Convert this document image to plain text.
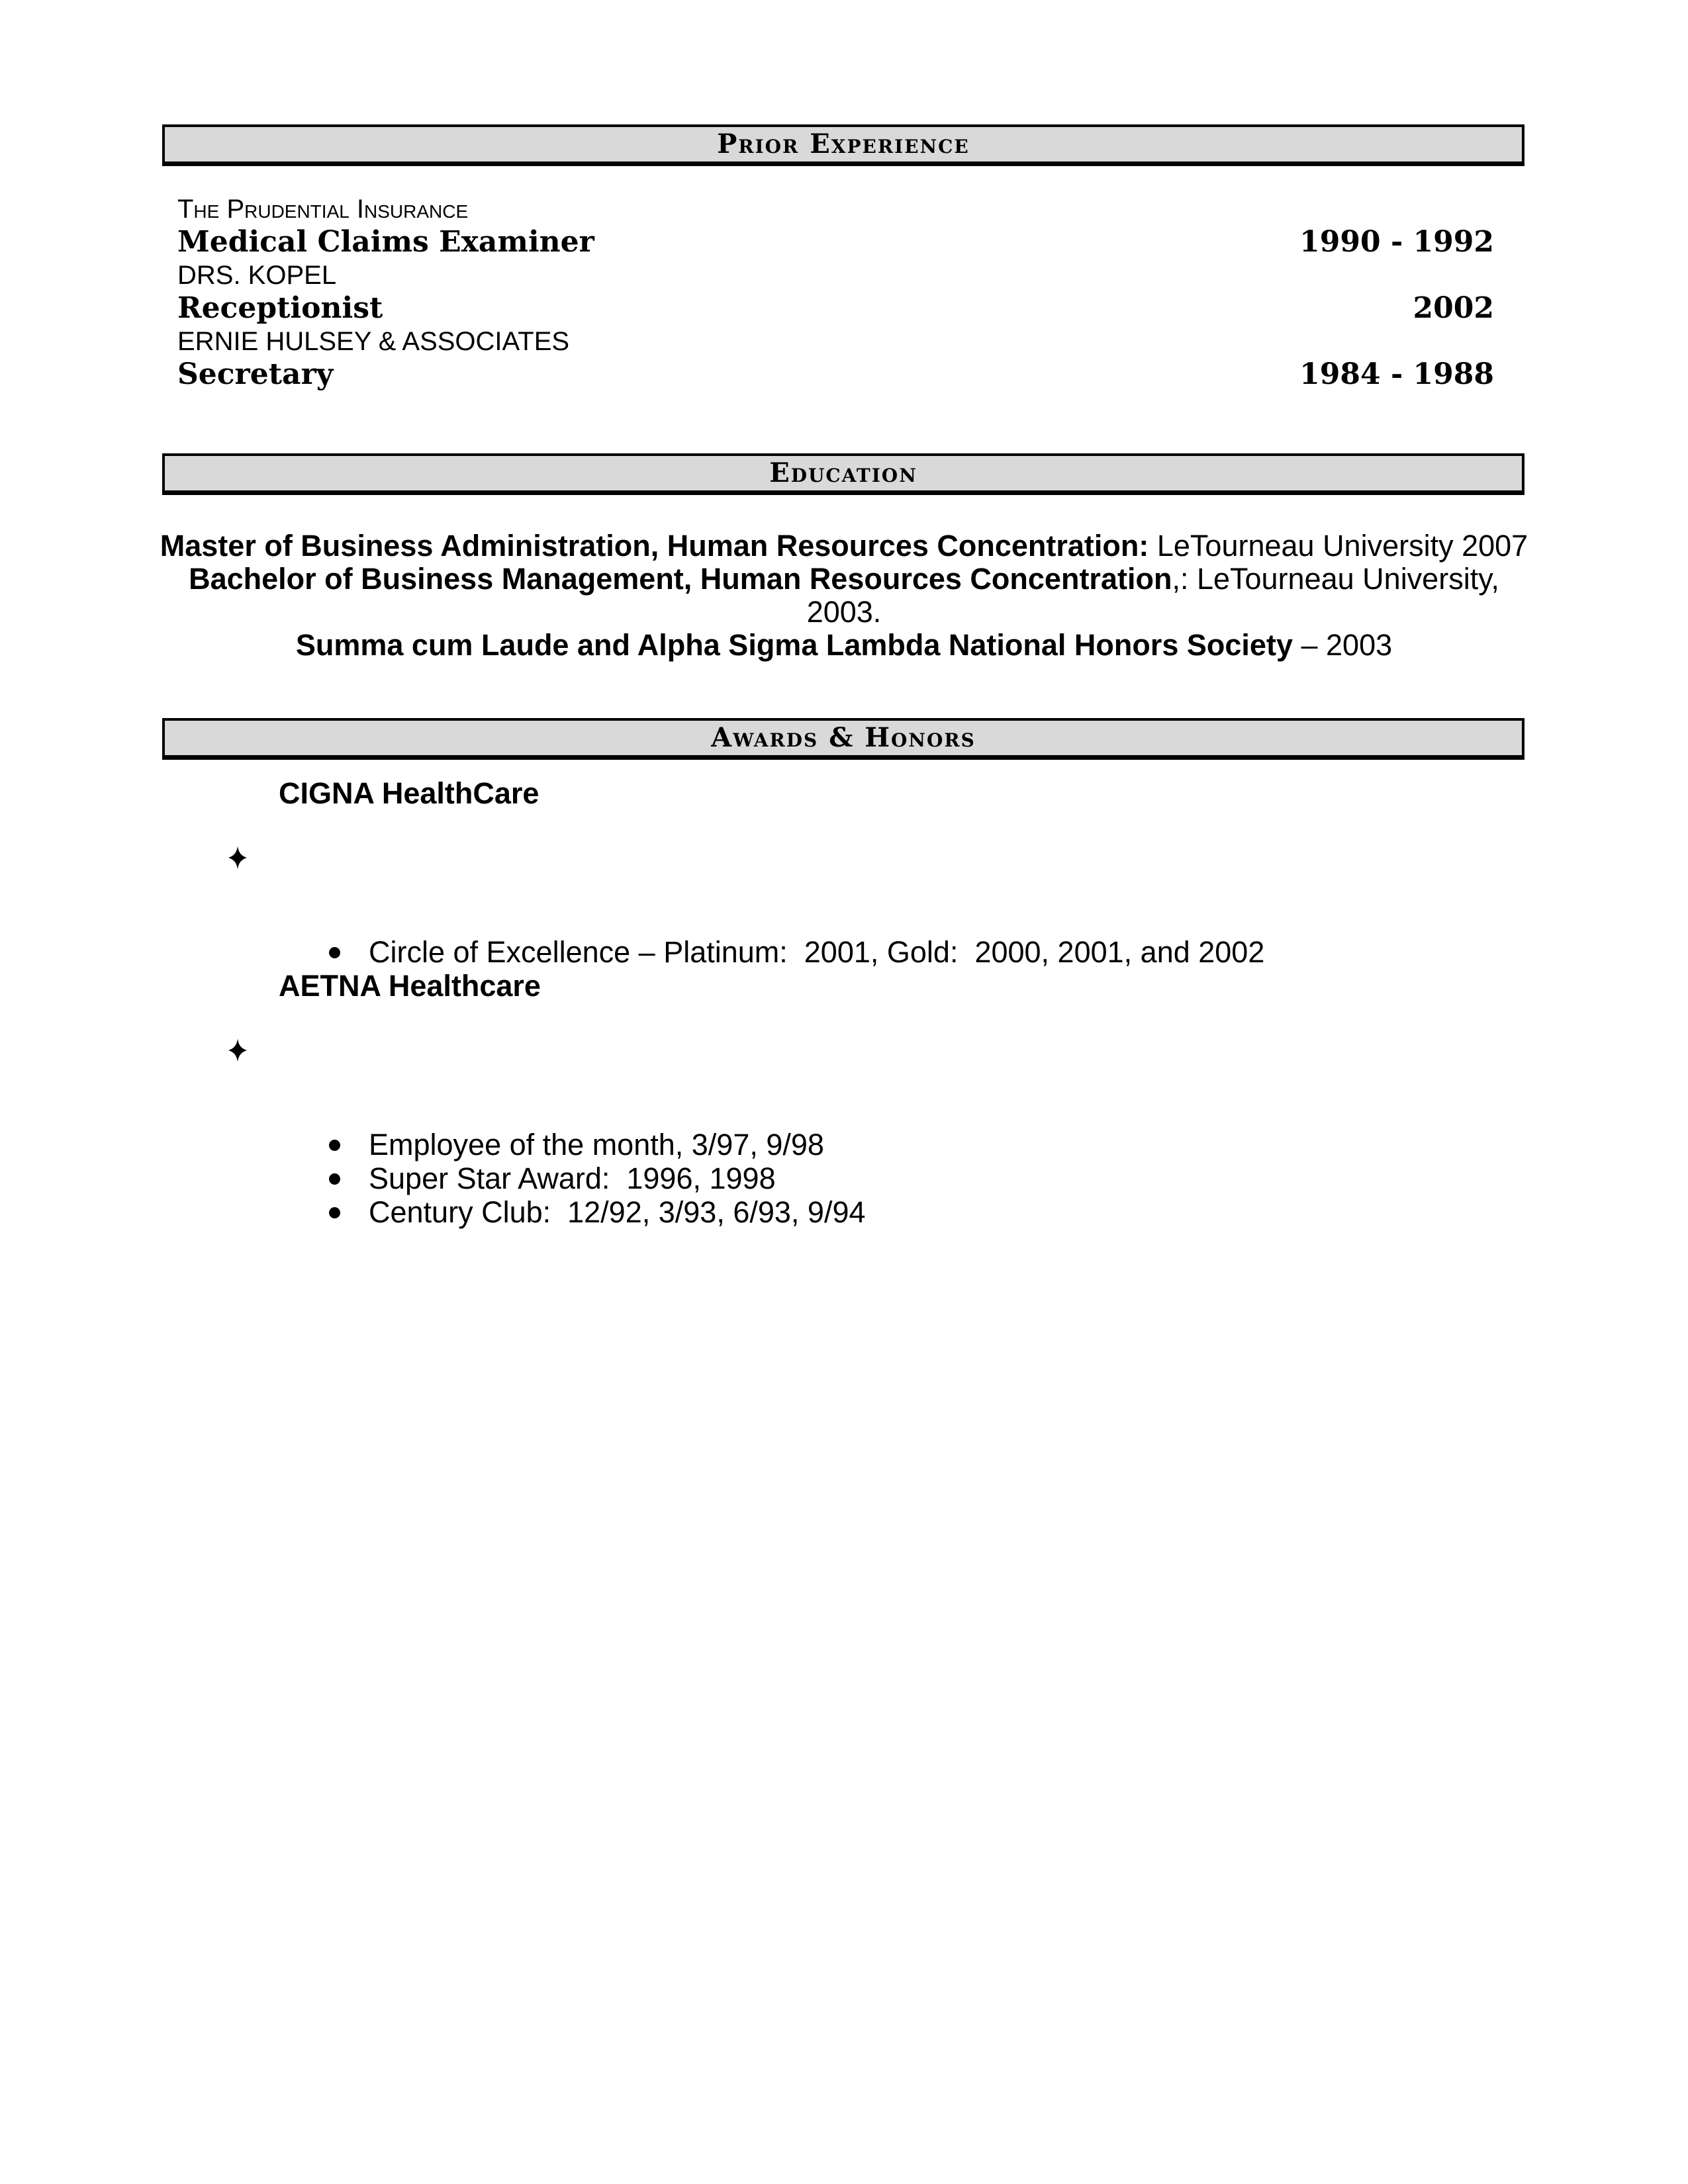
Prior Experience
The Prudential Insurance
Medical Claims Examiner	1990 - 1992
DRS. KOPEL
Receptionist	2002
ERNIE HULSEY & ASSOCIATES
Secretary	1984 - 1988
Education
Master of Business Administration, Human Resources Concentration: LeTourneau University 2007
Bachelor of Business Management, Human Resources Concentration,: LeTourneau University,  2003.
Summa cum Laude and Alpha Sigma Lambda National Honors Society – 2003
Awards & Honors

CIGNA HealthCare
Circle of Excellence – Platinum:  2001, Gold:  2000, 2001, and 2002

AETNA Healthcare
Employee of the month, 3/97, 9/98
Super Star Award:  1996, 1998
Century Club:  12/92, 3/93, 6/93, 9/94
